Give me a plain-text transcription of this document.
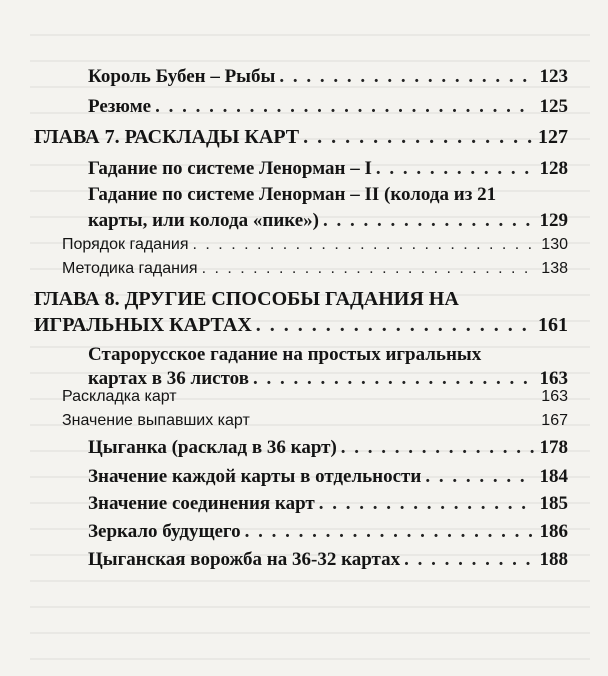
Король Бубен – Рыбы . . .	123
Резюме . . .	125
ГЛАВА 7. РАСКЛАДЫ КАРТ . . .	127
Гадание по системе Ленорман – I . . .	128
Гадание по системе Ленорман – II (колода из 21
карты, или колода «пике») . . .	129
Порядок гадания . . .	130
Методика гадания . . .	138
ГЛАВА 8. ДРУГИЕ СПОСОБЫ ГАДАНИЯ НА
ИГРАЛЬНЫХ КАРТАХ . . .	161
Старорусское гадание на простых игральных
картах в 36 листов . . .	163
Раскладка карт	163
Значение выпавших карт	167
Цыганка (расклад в 36 карт) . . .	178
Значение каждой карты в отдельности . . .	184
Значение соединения карт . . .	185
Зеркало будущего . . .	186
Цыганская ворожба на 36-32 картах . . .	188
